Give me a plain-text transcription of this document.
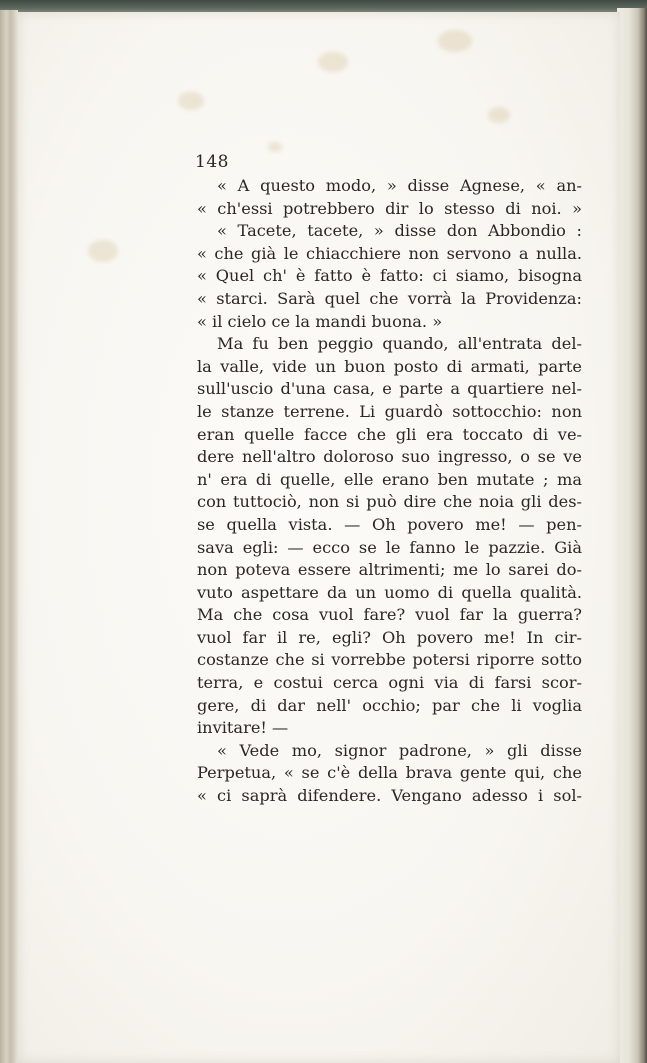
« A questo modo, » disse Agnese, « an-
« ch'essi potrebbero dir lo stesso di noi. »
« Tacete, tacete, » disse don Abbondio :
« che già le chiacchiere non servono a nulla.
« Quel ch' è fatto è fatto: ci siamo, bisogna
« starci. Sarà quel che vorrà la Providenza:
« il cielo ce la mandi buona. »
Ma fu ben peggio quando, all'entrata del-
la valle, vide un buon posto di armati, parte
sull'uscio d'una casa, e parte a quartiere nel-
le stanze terrene. Li guardò sottocchio: non
eran quelle facce che gli era toccato di ve-
dere nell'altro doloroso suo ingresso, o se ve
n' era di quelle, elle erano ben mutate ; ma
con tuttociò, non si può dire che noia gli des-
se quella vista. — Oh povero me! — pen-
sava egli: — ecco se le fanno le pazzie. Già
non poteva essere altrimenti; me lo sarei do-
vuto aspettare da un uomo di quella qualità.
Ma che cosa vuol fare? vuol far la guerra?
vuol far il re, egli? Oh povero me! In cir-
costanze che si vorrebbe potersi riporre sotto
terra, e costui cerca ogni via di farsi scor-
gere, di dar nell' occhio; par che li voglia
invitare! —
« Vede mo, signor padrone, » gli disse
Perpetua, « se c'è della brava gente qui, che
« ci saprà difendere. Vengano adesso i sol-
148
